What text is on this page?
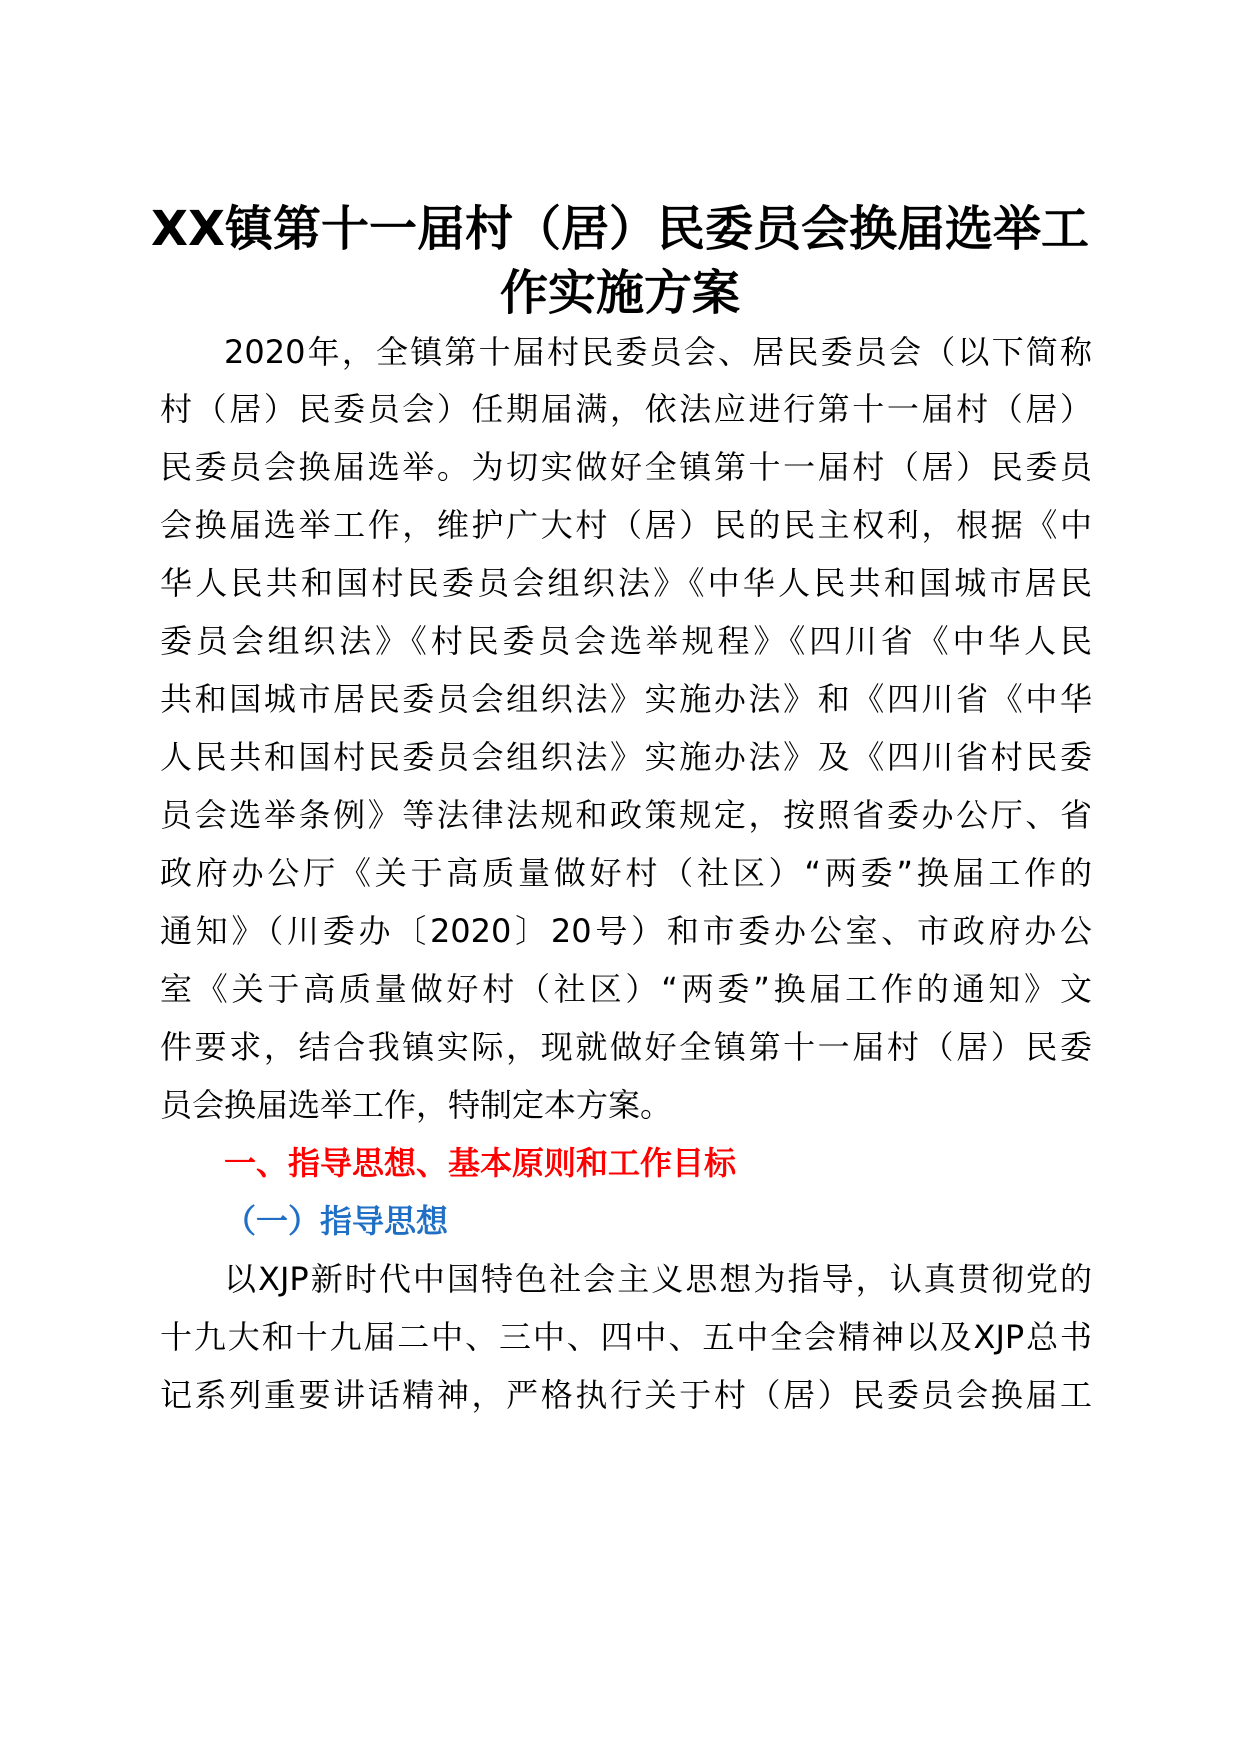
XX镇第十一届村（居）民委员会换届选举工
作实施方案

2020年，全镇第十届村民委员会、居民委员会（以下简称

村（居）民委员会）任期届满，依法应进行第十一届村（居）

民委员会换届选举。为切实做好全镇第十一届村（居）民委员

会换届选举工作，维护广大村（居）民的民主权利，根据《中

华人民共和国村民委员会组织法》《中华人民共和国城市居民

委员会组织法》《村民委员会选举规程》《四川省《中华人民

共和国城市居民委员会组织法》实施办法》和《四川省《中华

人民共和国村民委员会组织法》实施办法》及《四川省村民委

员会选举条例》等法律法规和政策规定，按照省委办公厅、省

政府办公厅《关于高质量做好村（社区）“两委”换届工作的

通知》（川委办〔2020〕20号）和市委办公室、市政府办公

室《关于高质量做好村（社区）“两委”换届工作的通知》文

件要求，结合我镇实际，现就做好全镇第十一届村（居）民委

员会换届选举工作，特制定本方案。

一、指导思想、基本原则和工作目标
（一）指导思想

以XJP新时代中国特色社会主义思想为指导，认真贯彻党的

十九大和十九届二中、三中、四中、五中全会精神以及XJP总书

记系列重要讲话精神，严格执行关于村（居）民委员会换届工
